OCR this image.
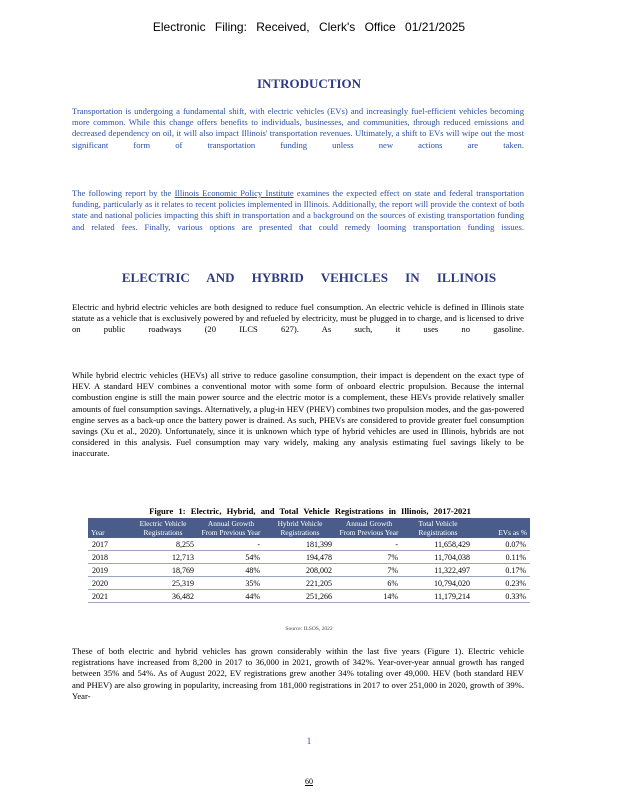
Electronic Filing: Received, Clerk's Office 01/21/2025
INTRODUCTION
Transportation is undergoing a fundamental shift, with electric vehicles (EVs) and increasingly fuel-efficient vehicles becoming more common. While this change offers benefits to individuals, businesses, and communities, through reduced emissions and decreased dependency on oil, it will also impact Illinois' transportation revenues. Ultimately, a shift to EVs will wipe out the most significant form of transportation funding unless new actions are taken.
The following report by the Illinois Economic Policy Institute examines the expected effect on state and federal transportation funding, particularly as it relates to recent policies implemented in Illinois. Additionally, the report will provide the context of both state and national policies impacting this shift in transportation and a background on the sources of existing transportation funding and related fees. Finally, various options are presented that could remedy looming transportation funding issues.
ELECTRIC AND HYBRID VEHICLES IN ILLINOIS
Electric and hybrid electric vehicles are both designed to reduce fuel consumption. An electric vehicle is defined in Illinois state statute as a vehicle that is exclusively powered by and refueled by electricity, must be plugged in to charge, and is licensed to drive on public roadways (20 ILCS 627). As such, it uses no gasoline.
While hybrid electric vehicles (HEVs) all strive to reduce gasoline consumption, their impact is dependent on the exact type of HEV. A standard HEV combines a conventional motor with some form of onboard electric propulsion. Because the internal combustion engine is still the main power source and the electric motor is a complement, these HEVs provide relatively smaller amounts of fuel consumption savings. Alternatively, a plug-in HEV (PHEV) combines two propulsion modes, and the gas-powered engine serves as a back-up once the battery power is drained. As such, PHEVs are considered to provide greater fuel consumption savings (Xu et al., 2020). Unfortunately, since it is unknown which type of hybrid vehicles are used in Illinois, hybrids are not considered in this analysis. Fuel consumption may vary widely, making any analysis estimating fuel savings likely to be inaccurate.
Figure 1: Electric, Hybrid, and Total Vehicle Registrations in Illinois, 2017-2021
Year	Electric Vehicle Registrations	Annual Growth From Previous Year	Hybrid Vehicle Registrations	Annual Growth From Previous Year	Total Vehicle Registrations	EVs as %
2017	8,255	-	181,399	-	11,658,429	0.07%
2018	12,713	54%	194,478	7%	11,704,038	0.11%
2019	18,769	48%	208,002	7%	11,322,497	0.17%
2020	25,319	35%	221,205	6%	10,794,020	0.23%
2021	36,482	44%	251,266	14%	11,179,214	0.33%
Source: ILSOS, 2022
These of both electric and hybrid vehicles has grown considerably within the last five years (Figure 1). Electric vehicle registrations have increased from 8,200 in 2017 to 36,000 in 2021, growth of 342%. Year-over-year annual growth has ranged between 35% and 54%. As of August 2022, EV registrations grew another 34% totaling over 49,000. HEV (both standard HEV and PHEV) are also growing in popularity, increasing from 181,000 registrations in 2017 to over 251,000 in 2020, growth of 39%. Year-
1
60
